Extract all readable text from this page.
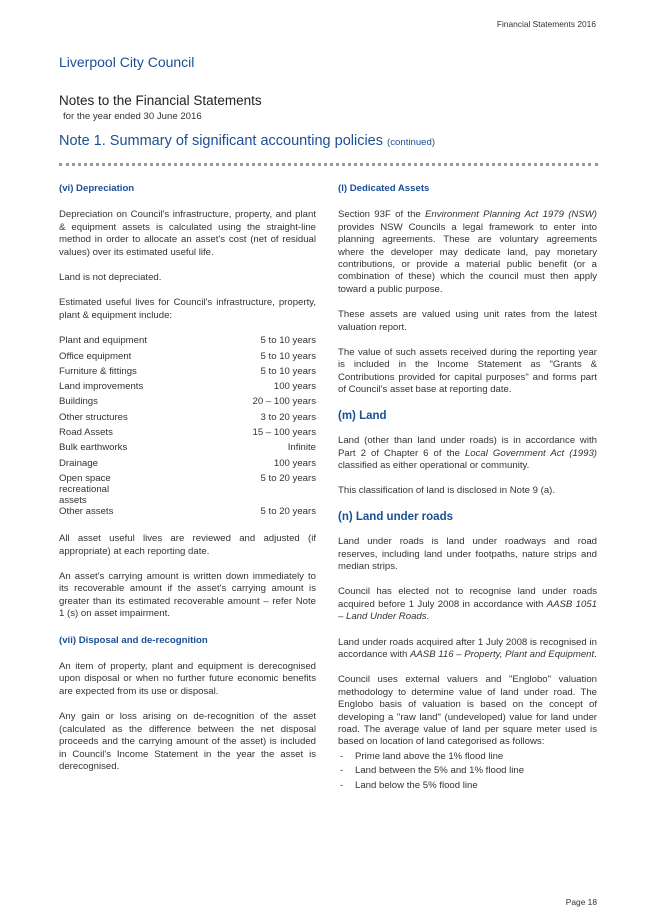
Financial Statements 2016
Liverpool City Council
Notes to the Financial Statements
for the year ended 30 June 2016
Note 1. Summary of significant accounting policies (continued)
(vi) Depreciation

Depreciation on Council's infrastructure, property, and plant & equipment assets is calculated using the straight-line method in order to allocate an asset's cost (net of residual values) over its estimated useful life.

Land is not depreciated.

Estimated useful lives for Council's infrastructure, property, plant & equipment include:

Plant and equipment	5 to 10 years
Office equipment	5 to 10 years
Furniture & fittings	5 to 10 years
Land improvements	100 years
Buildings	20 – 100 years
Other structures	3 to 20 years
Road Assets	15 – 100 years
Bulk earthworks	Infinite
Drainage	100 years
Open space recreational assets	5 to 20 years
Other assets	5 to 20 years

All asset useful lives are reviewed and adjusted (if appropriate) at each reporting date.

An asset's carrying amount is written down immediately to its recoverable amount if the asset's carrying amount is greater than its estimated recoverable amount – refer Note 1 (s) on asset impairment.

(vii) Disposal and de-recognition

An item of property, plant and equipment is derecognised upon disposal or when no further future economic benefits are expected from its use or disposal.

Any gain or loss arising on de-recognition of the asset (calculated as the difference between the net disposal proceeds and the carrying amount of the asset) is included in Council's Income Statement in the year the asset is derecognised.

(l) Dedicated Assets

Section 93F of the Environment Planning Act 1979 (NSW) provides NSW Councils a legal framework to enter into planning agreements. These are voluntary agreements where the developer may dedicate land, pay monetary contributions, or provide a material public benefit (or a combination of these) which the council must then apply toward a public purpose.

These assets are valued using unit rates from the latest valuation report.

The value of such assets received during the reporting year is included in the Income Statement as "Grants & Contributions provided for capital purposes" and forms part of Council's asset base at reporting date.

(m) Land

Land (other than land under roads) is in accordance with Part 2 of Chapter 6 of the Local Government Act (1993) classified as either operational or community.

This classification of land is disclosed in Note 9 (a).

(n) Land under roads

Land under roads is land under roadways and road reserves, including land under footpaths, nature strips and median strips.

Council has elected not to recognise land under roads acquired before 1 July 2008 in accordance with AASB 1051 – Land Under Roads.

Land under roads acquired after 1 July 2008 is recognised in accordance with AASB 116 – Property, Plant and Equipment.

Council uses external valuers and "Englobo" valuation methodology to determine value of land under road. The Englobo basis of valuation is based on the concept of developing a "raw land" (undeveloped) value for land under road. The average value of land per square meter used is based on location of land categorised as follows:

- Prime land above the 1% flood line
- Land between the 5% and 1% flood line
- Land below the 5% flood line
Page 18
